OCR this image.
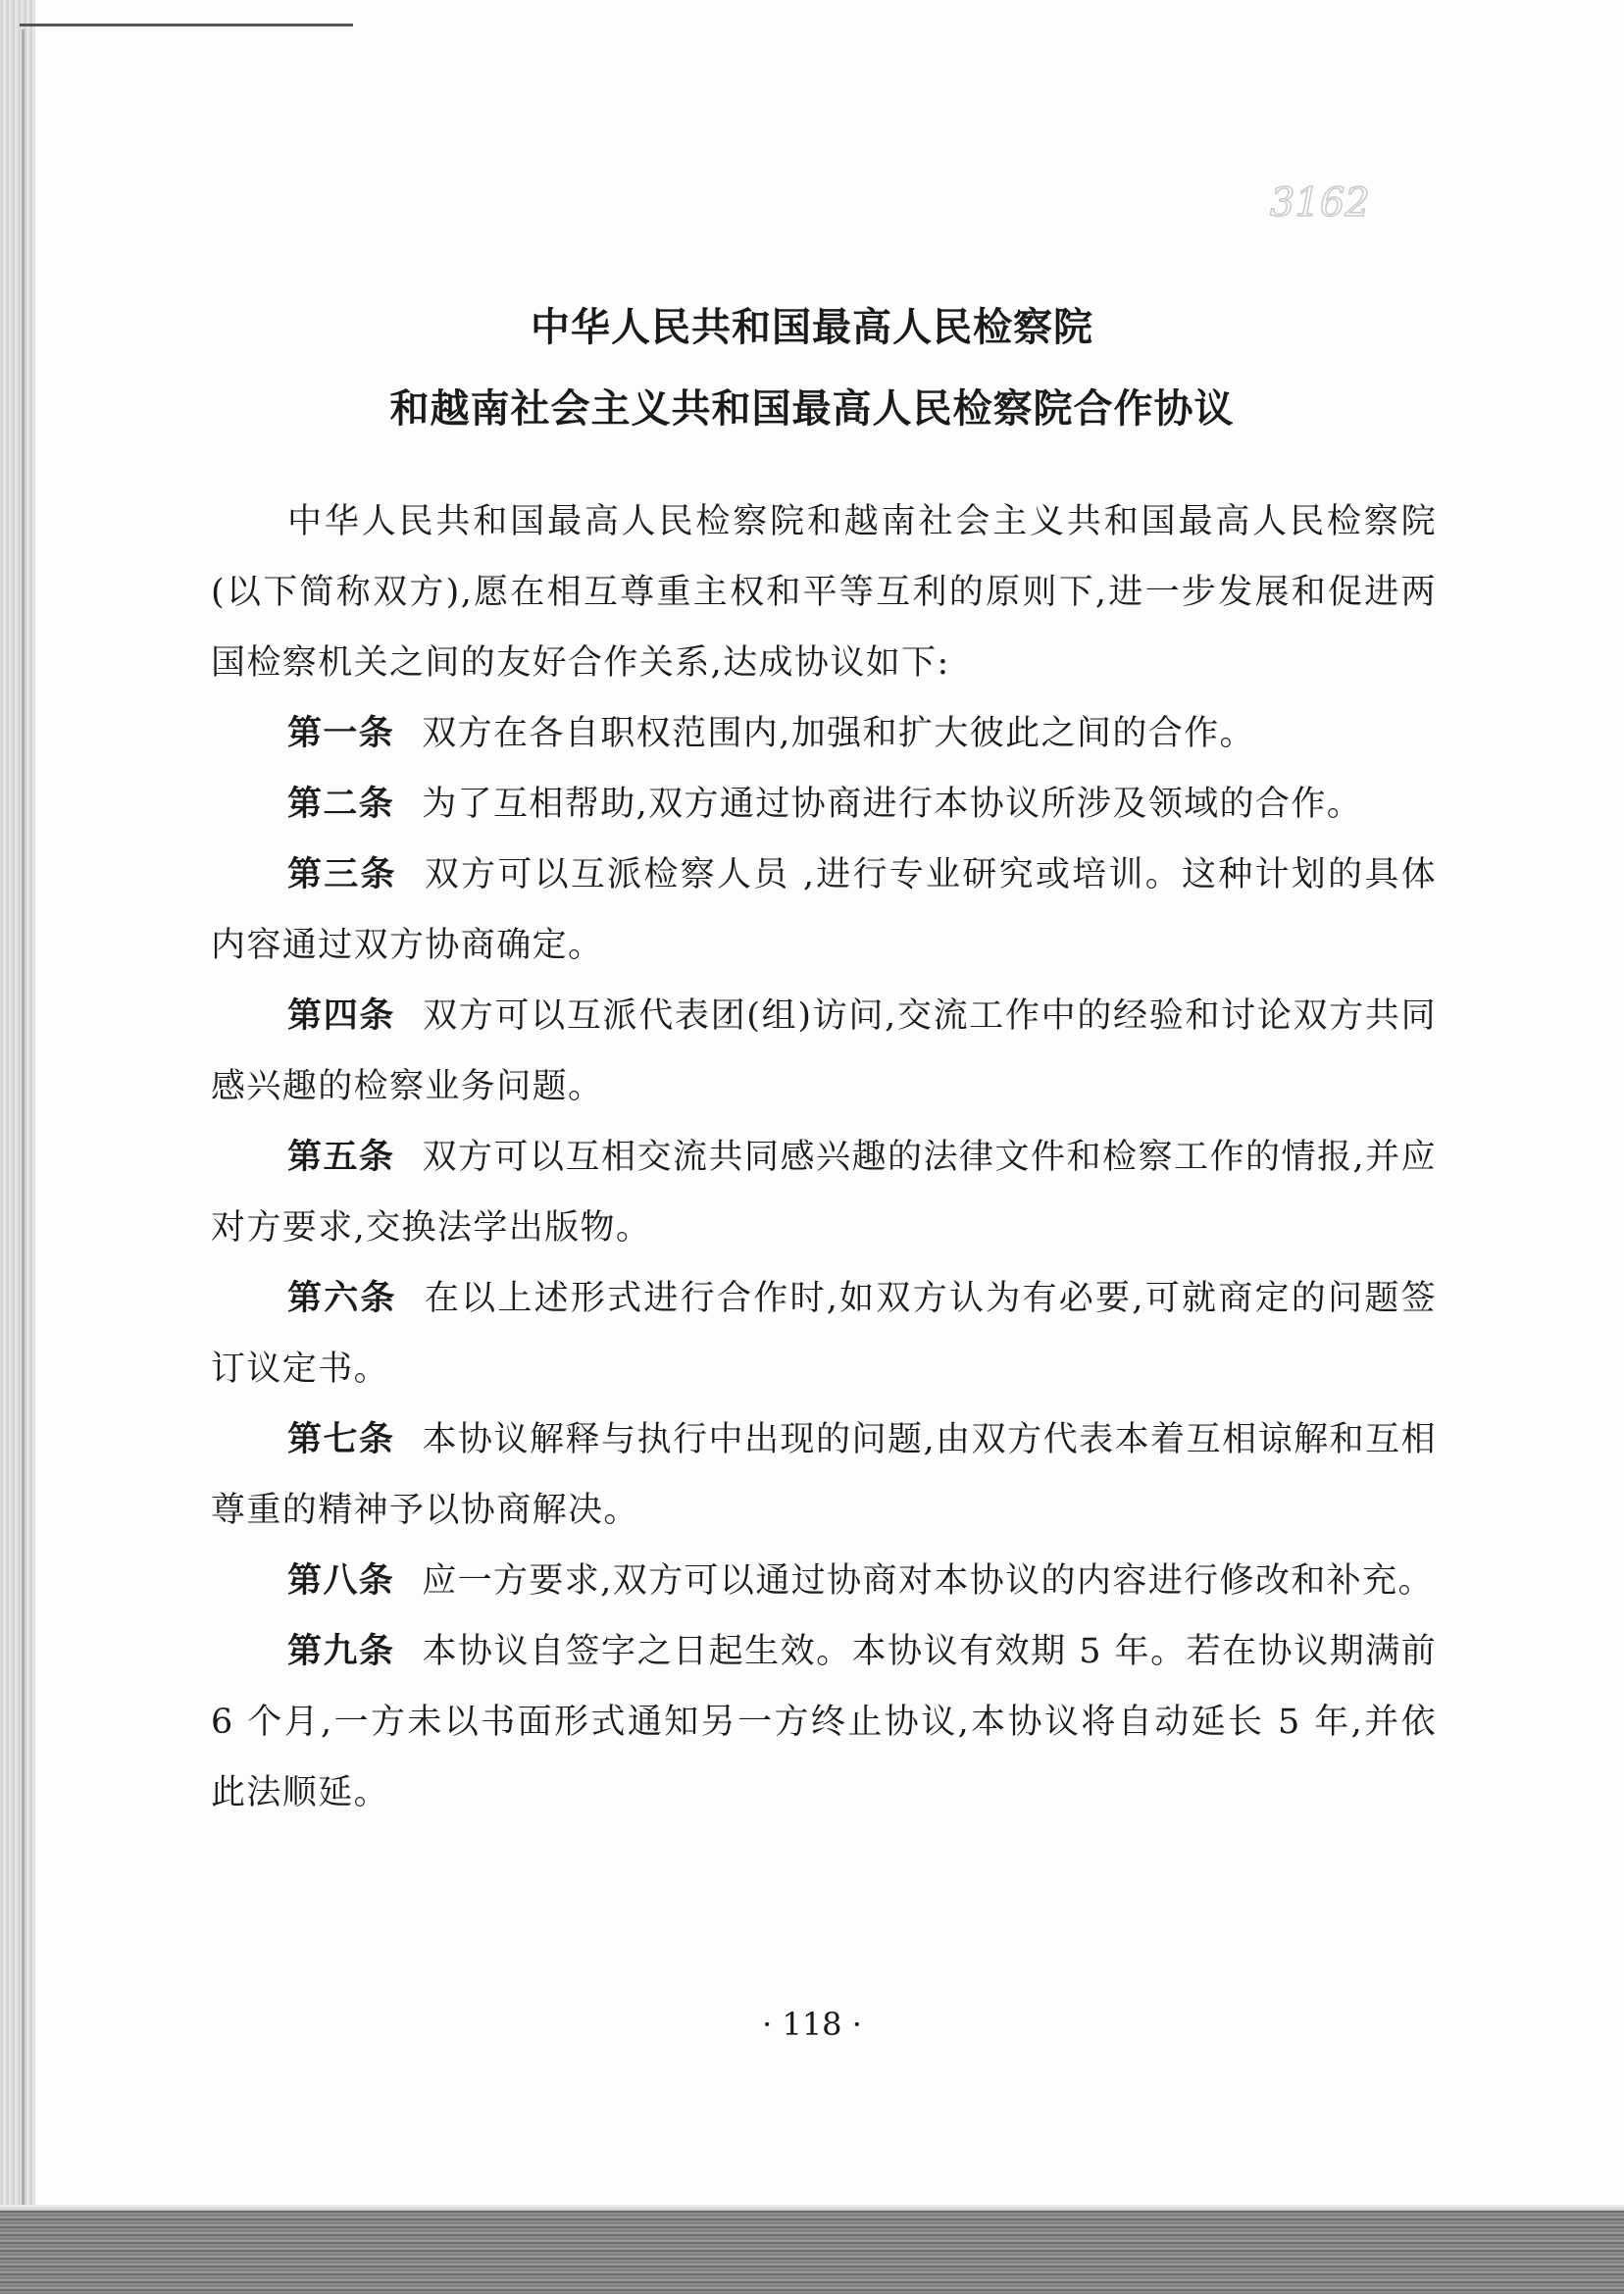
3162
中华人民共和国最高人民检察院
和越南社会主义共和国最高人民检察院合作协议

中华人民共和国最高人民检察院和越南社会主义共和国最高人民检察院(以下简称双方),愿在相互尊重主权和平等互利的原则下,进一步发展和促进两国检察机关之间的友好合作关系,达成协议如下:

第一条 双方在各自职权范围内,加强和扩大彼此之间的合作。

第二条 为了互相帮助,双方通过协商进行本协议所涉及领域的合作。

第三条 双方可以互派检察人员 ,进行专业研究或培训。这种计划的具体内容通过双方协商确定。

第四条 双方可以互派代表团(组)访问,交流工作中的经验和讨论双方共同感兴趣的检察业务问题。

第五条 双方可以互相交流共同感兴趣的法律文件和检察工作的情报,并应对方要求,交换法学出版物。

第六条 在以上述形式进行合作时,如双方认为有必要,可就商定的问题签订议定书。

第七条 本协议解释与执行中出现的问题,由双方代表本着互相谅解和互相尊重的精神予以协商解决。

第八条 应一方要求,双方可以通过协商对本协议的内容进行修改和补充。

第九条 本协议自签字之日起生效。本协议有效期 5 年。若在协议期满前 6 个月,一方未以书面形式通知另一方终止协议,本协议将自动延长 5 年,并依此法顺延。

· 118 ·
